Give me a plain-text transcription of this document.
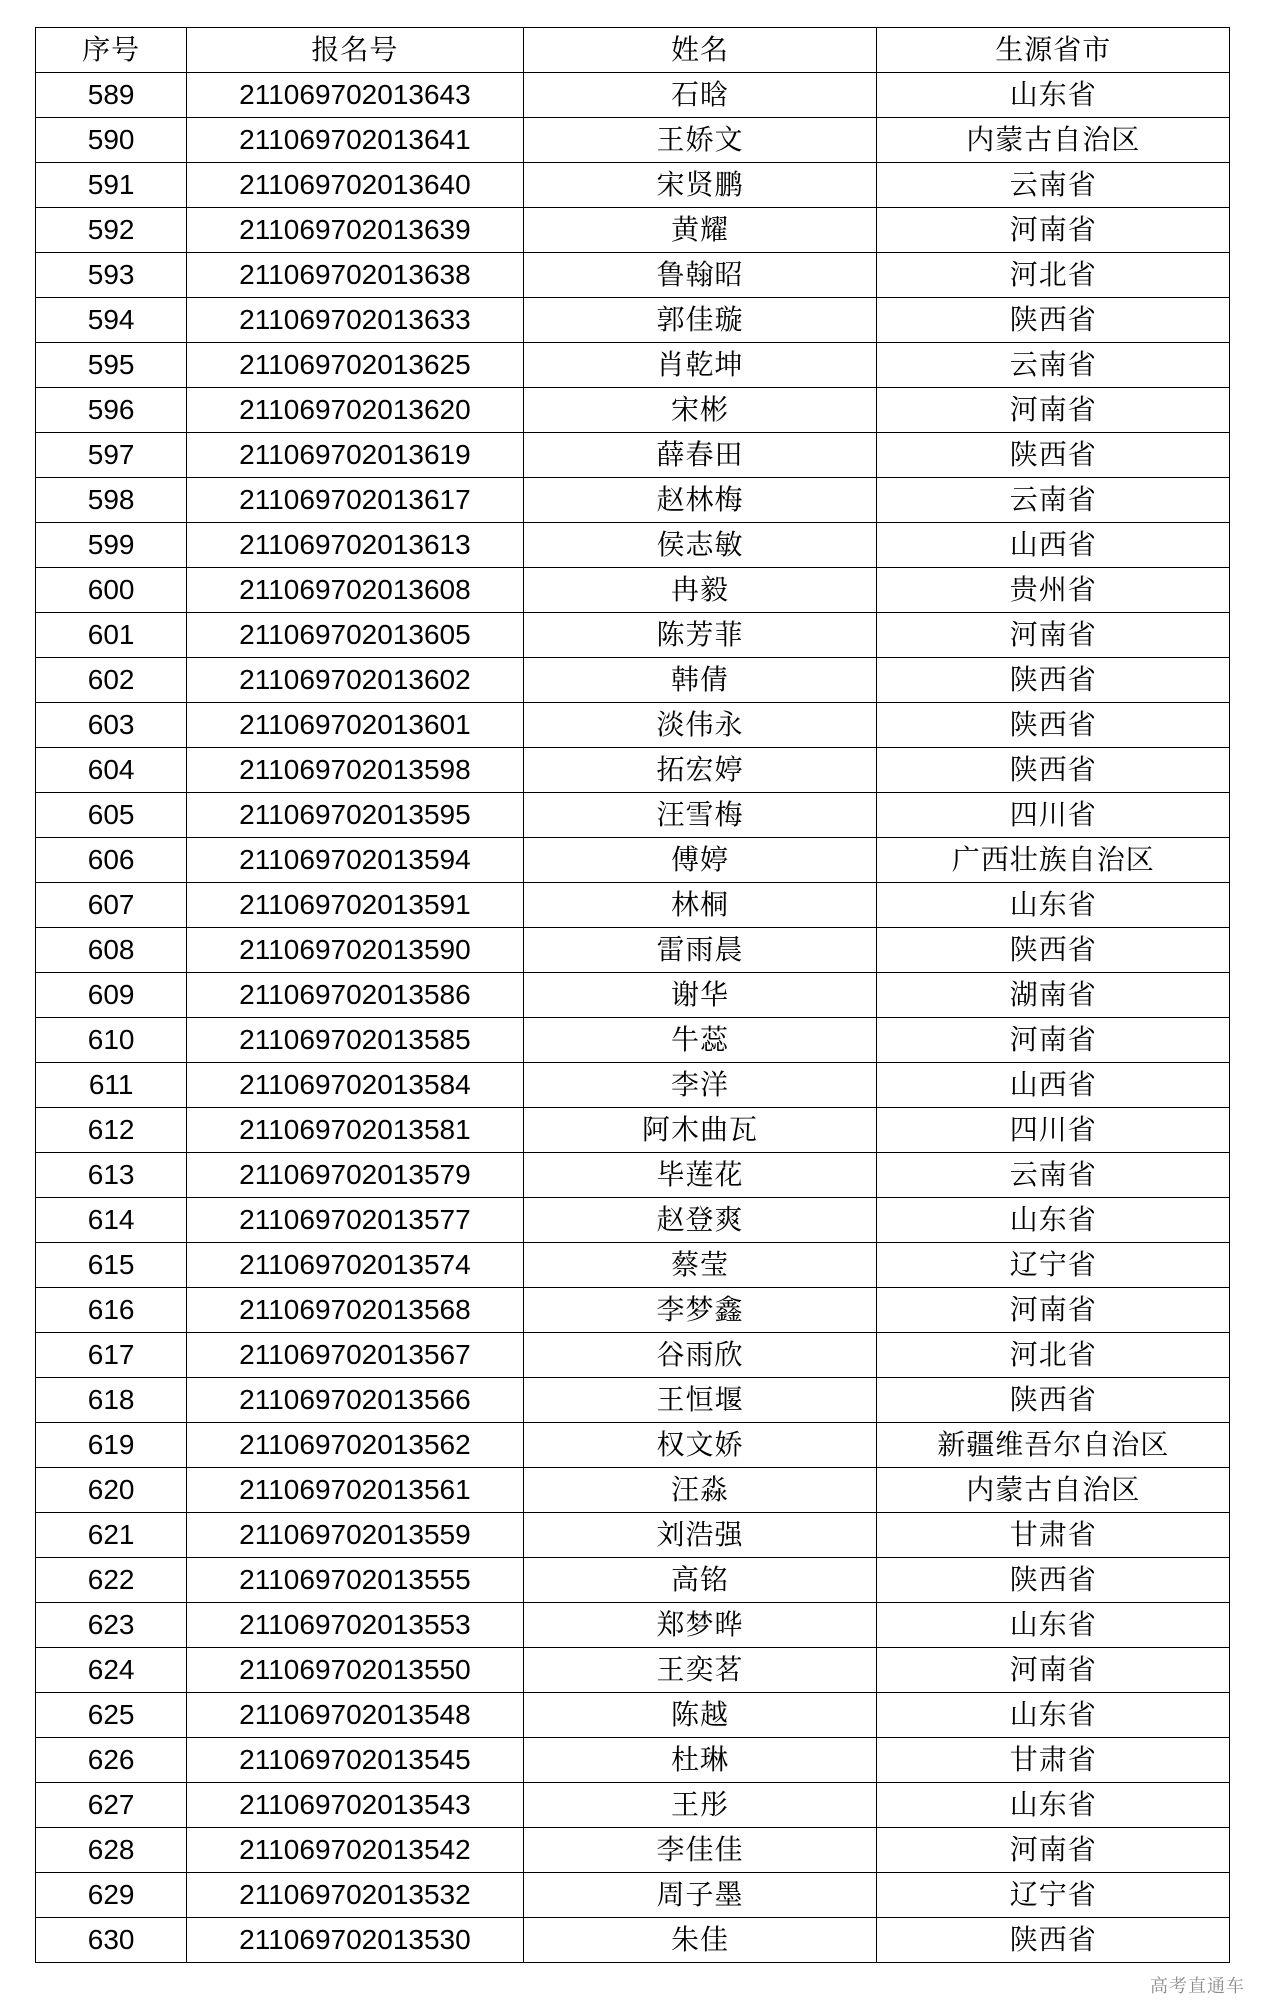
序号	报名号	姓名	生源省市
589	211069702013643	石晗	山东省
590	211069702013641	王娇文	内蒙古自治区
591	211069702013640	宋贤鹏	云南省
592	211069702013639	黄耀	河南省
593	211069702013638	鲁翰昭	河北省
594	211069702013633	郭佳璇	陕西省
595	211069702013625	肖乾坤	云南省
596	211069702013620	宋彬	河南省
597	211069702013619	薛春田	陕西省
598	211069702013617	赵林梅	云南省
599	211069702013613	侯志敏	山西省
600	211069702013608	冉毅	贵州省
601	211069702013605	陈芳菲	河南省
602	211069702013602	韩倩	陕西省
603	211069702013601	淡伟永	陕西省
604	211069702013598	拓宏婷	陕西省
605	211069702013595	汪雪梅	四川省
606	211069702013594	傅婷	广西壮族自治区
607	211069702013591	林桐	山东省
608	211069702013590	雷雨晨	陕西省
609	211069702013586	谢华	湖南省
610	211069702013585	牛蕊	河南省
611	211069702013584	李洋	山西省
612	211069702013581	阿木曲瓦	四川省
613	211069702013579	毕莲花	云南省
614	211069702013577	赵登爽	山东省
615	211069702013574	蔡莹	辽宁省
616	211069702013568	李梦鑫	河南省
617	211069702013567	谷雨欣	河北省
618	211069702013566	王恒堰	陕西省
619	211069702013562	权文娇	新疆维吾尔自治区
620	211069702013561	汪淼	内蒙古自治区
621	211069702013559	刘浩强	甘肃省
622	211069702013555	高铭	陕西省
623	211069702013553	郑梦晔	山东省
624	211069702013550	王奕茗	河南省
625	211069702013548	陈越	山东省
626	211069702013545	杜琳	甘肃省
627	211069702013543	王彤	山东省
628	211069702013542	李佳佳	河南省
629	211069702013532	周子墨	辽宁省
630	211069702013530	朱佳	陕西省
高考直通车
